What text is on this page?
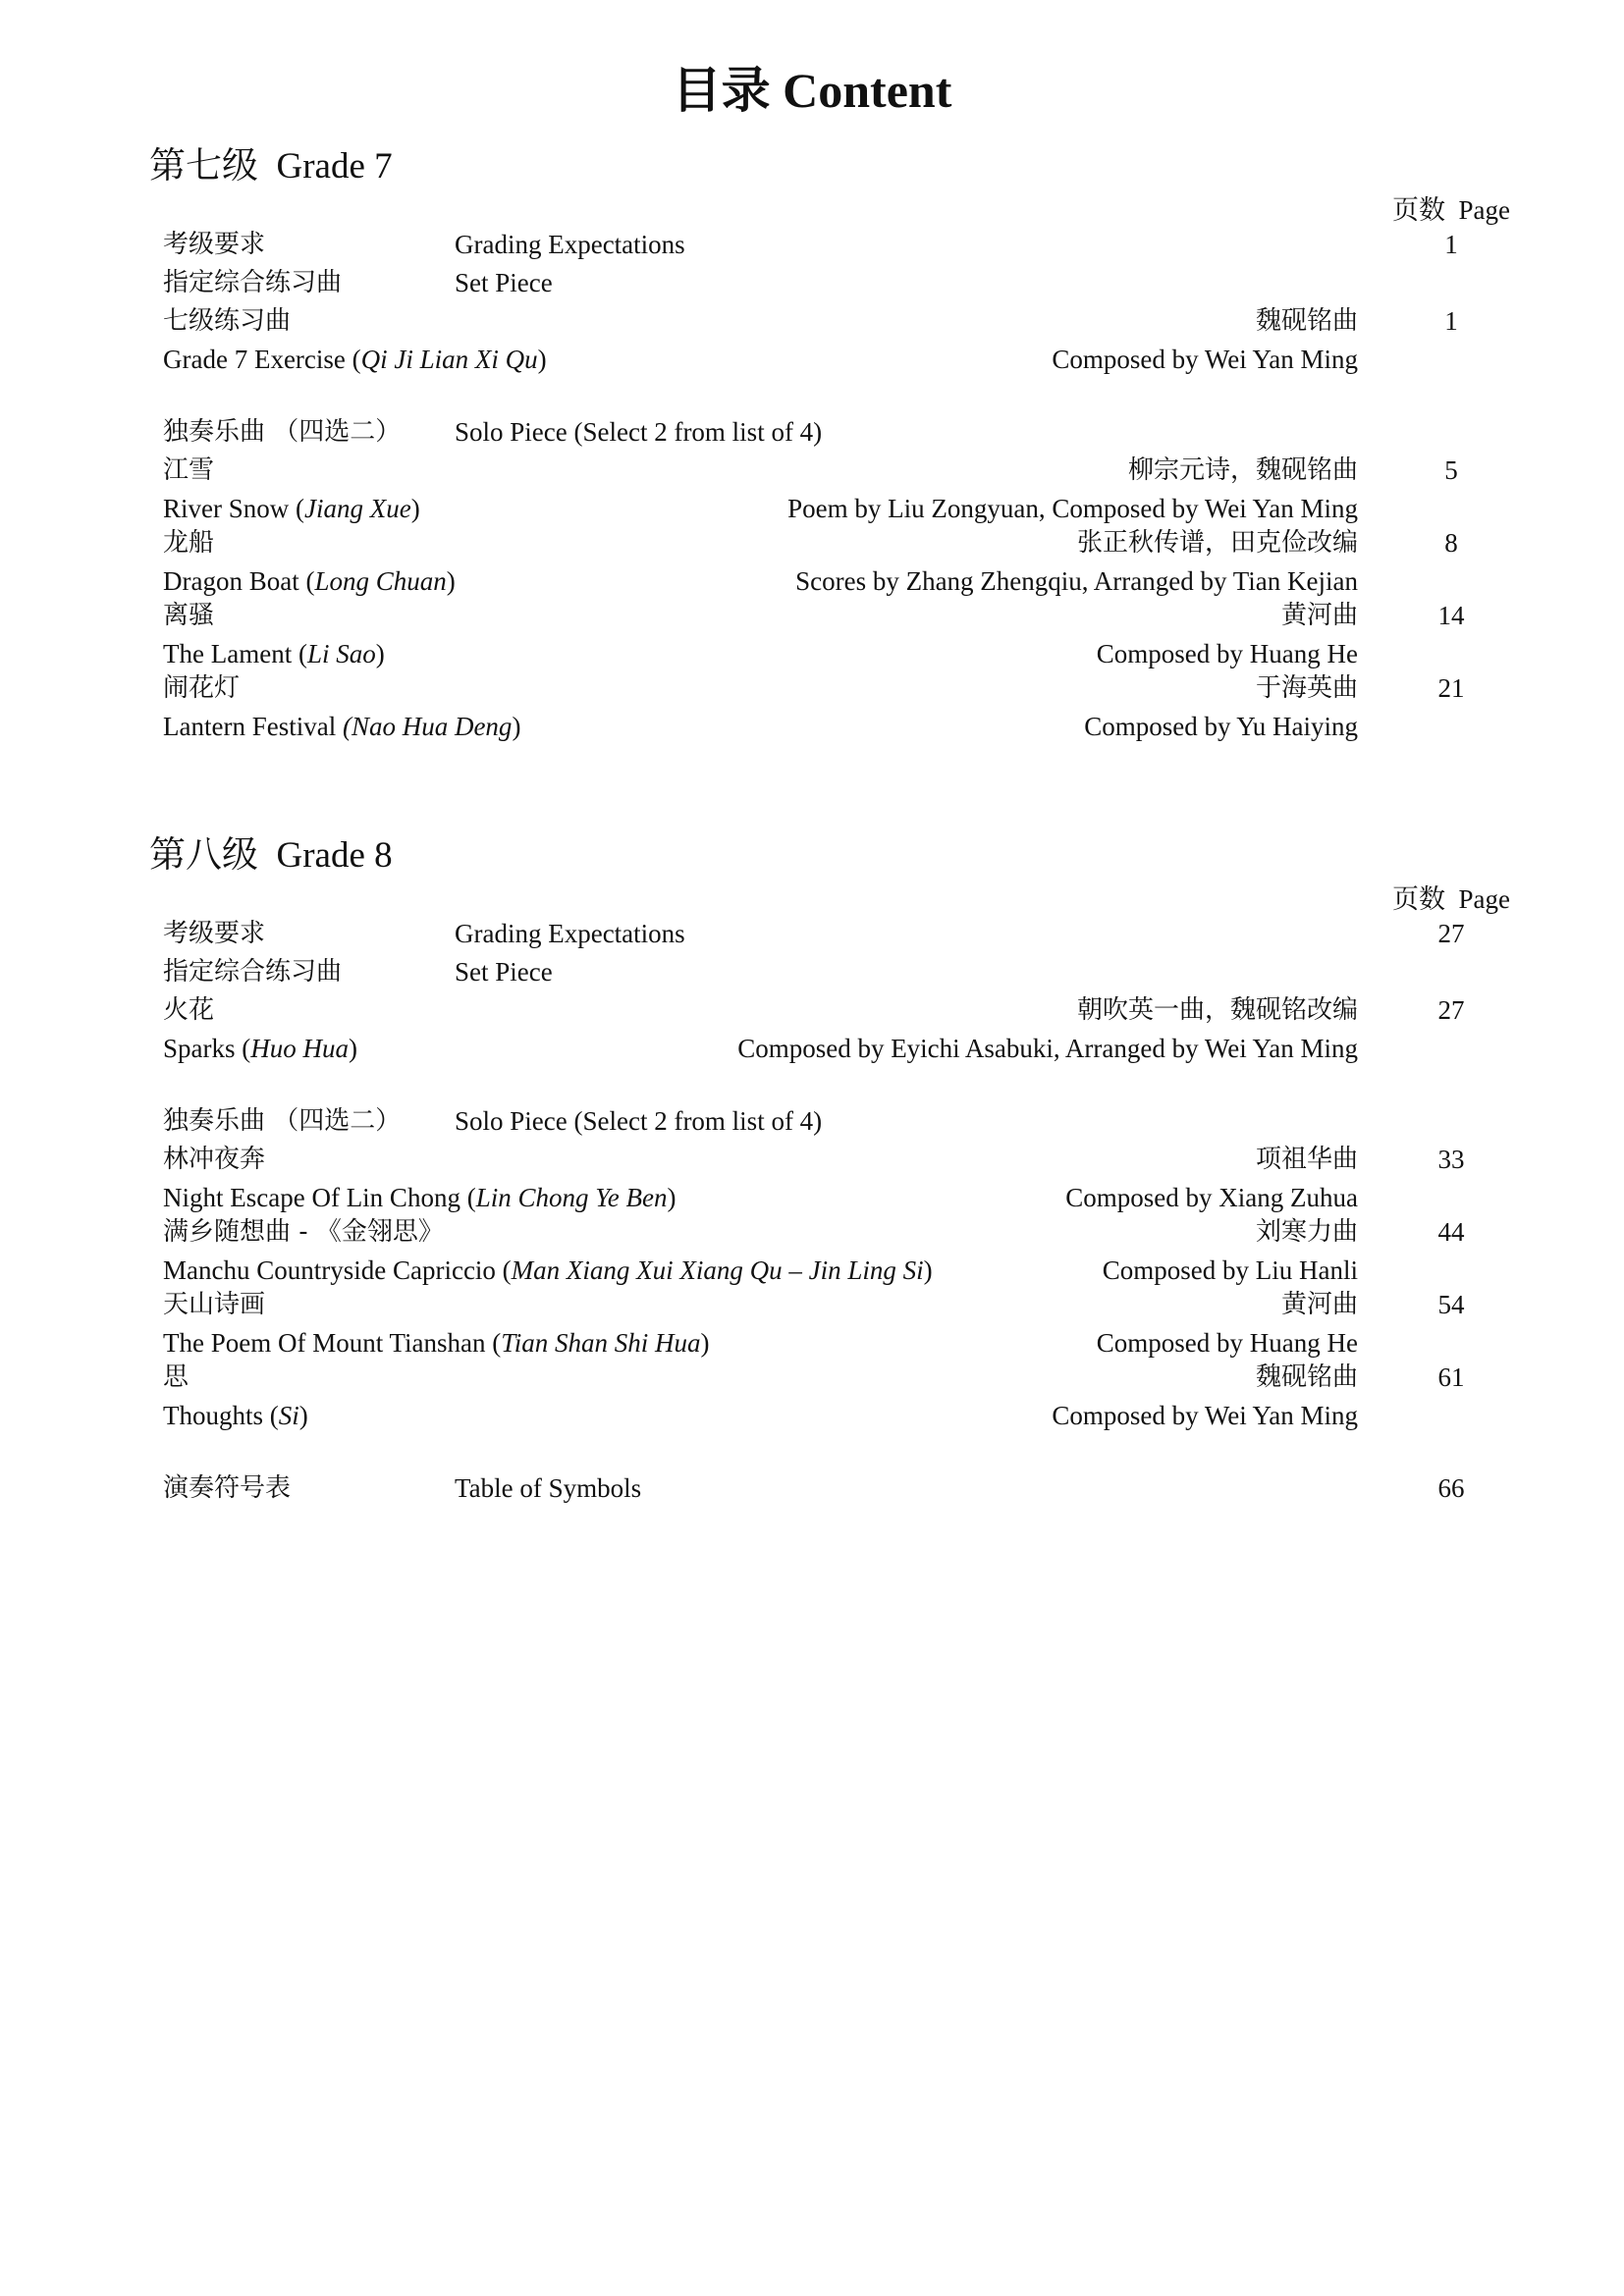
目录 Content
第七级 Grade 7
页数 Page
考级要求	Grading Expectations	1
指定综合练习曲	Set Piece
七级练习曲	魏砚铭曲	1
Grade 7 Exercise (Qi Ji Lian Xi Qu)	Composed by Wei Yan Ming
独奏乐曲 （四选二） Solo Piece (Select 2 from list of 4)
江雪	柳宗元诗，魏砚铭曲	5
River Snow (Jiang Xue)	Poem by Liu Zongyuan, Composed by Wei Yan Ming
龙船	张正秋传谱，田克俭改编	8
Dragon Boat (Long Chuan)	Scores by Zhang Zhengqiu, Arranged by Tian Kejian
离骚	黄河曲	14
The Lament (Li Sao)	Composed by Huang He
闹花灯	于海英曲	21
Lantern Festival (Nao Hua Deng)	Composed by Yu Haiying
第八级 Grade 8
页数 Page
考级要求	Grading Expectations	27
指定综合练习曲	Set Piece
火花	朝吹英一曲，魏砚铭改编	27
Sparks (Huo Hua)	Composed by Eyichi Asabuki, Arranged by Wei Yan Ming
独奏乐曲 （四选二） Solo Piece (Select 2 from list of 4)
林冲夜奔	项祖华曲	33
Night Escape Of Lin Chong (Lin Chong Ye Ben)	Composed by Xiang Zuhua
满乡随想曲 - 《金翎思》	刘寒力曲	44
Manchu Countryside Capriccio (Man Xiang Xui Xiang Qu – Jin Ling Si)	Composed by Liu Hanli
天山诗画	黄河曲	54
The Poem Of Mount Tianshan (Tian Shan Shi Hua)	Composed by Huang He
思	魏砚铭曲	61
Thoughts (Si)	Composed by Wei Yan Ming
演奏符号表	Table of Symbols	66
